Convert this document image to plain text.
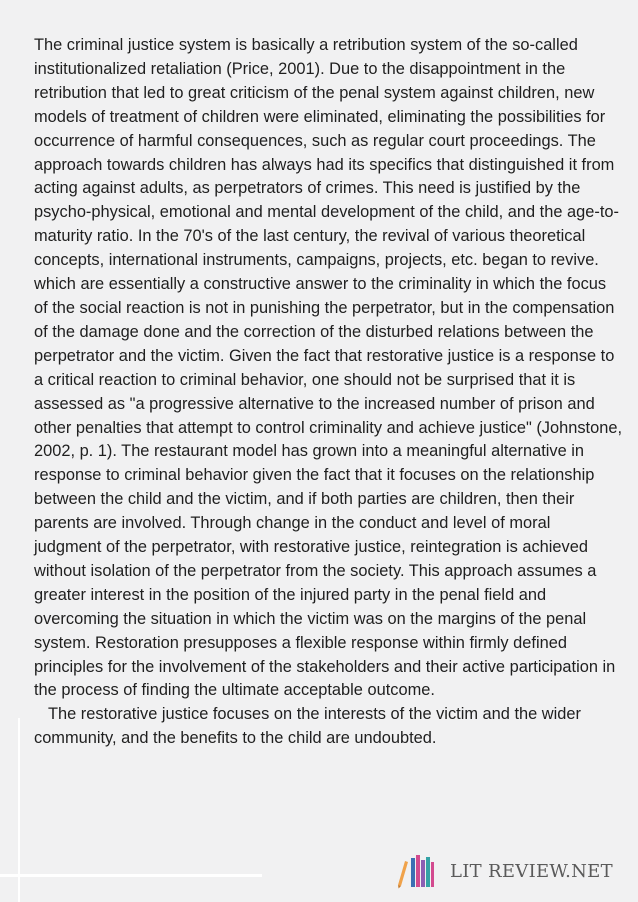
The criminal justice system is basically a retribution system of the so-called institutionalized retaliation (Price, 2001). Due to the disappointment in the retribution that led to great criticism of the penal system against children, new models of treatment of children were eliminated, eliminating the possibilities for occurrence of harmful consequences, such as regular court proceedings. The approach towards children has always had its specifics that distinguished it from acting against adults, as perpetrators of crimes. This need is justified by the psycho-physical, emotional and mental development of the child, and the age-to-maturity ratio. In the 70's of the last century, the revival of various theoretical concepts, international instruments, campaigns, projects, etc. began to revive. which are essentially a constructive answer to the criminality in which the focus of the social reaction is not in punishing the perpetrator, but in the compensation of the damage done and the correction of the disturbed relations between the perpetrator and the victim. Given the fact that restorative justice is a response to a critical reaction to criminal behavior, one should not be surprised that it is assessed as "a progressive alternative to the increased number of prison and other penalties that attempt to control criminality and achieve justice" (Johnstone, 2002, p. 1). The restaurant model has grown into a meaningful alternative in response to criminal behavior given the fact that it focuses on the relationship between the child and the victim, and if both parties are children, then their parents are involved. Through change in the conduct and level of moral judgment of the perpetrator, with restorative justice, reintegration is achieved without isolation of the perpetrator from the society. This approach assumes a greater interest in the position of the injured party in the penal field and overcoming the situation in which the victim was on the margins of the penal system. Restoration presupposes a flexible response within firmly defined principles for the involvement of the stakeholders and their active participation in the process of finding the ultimate acceptable outcome.

The restorative justice focuses on the interests of the victim and the wider community, and the benefits to the child are undoubted.

LIT REVIEW.NET
